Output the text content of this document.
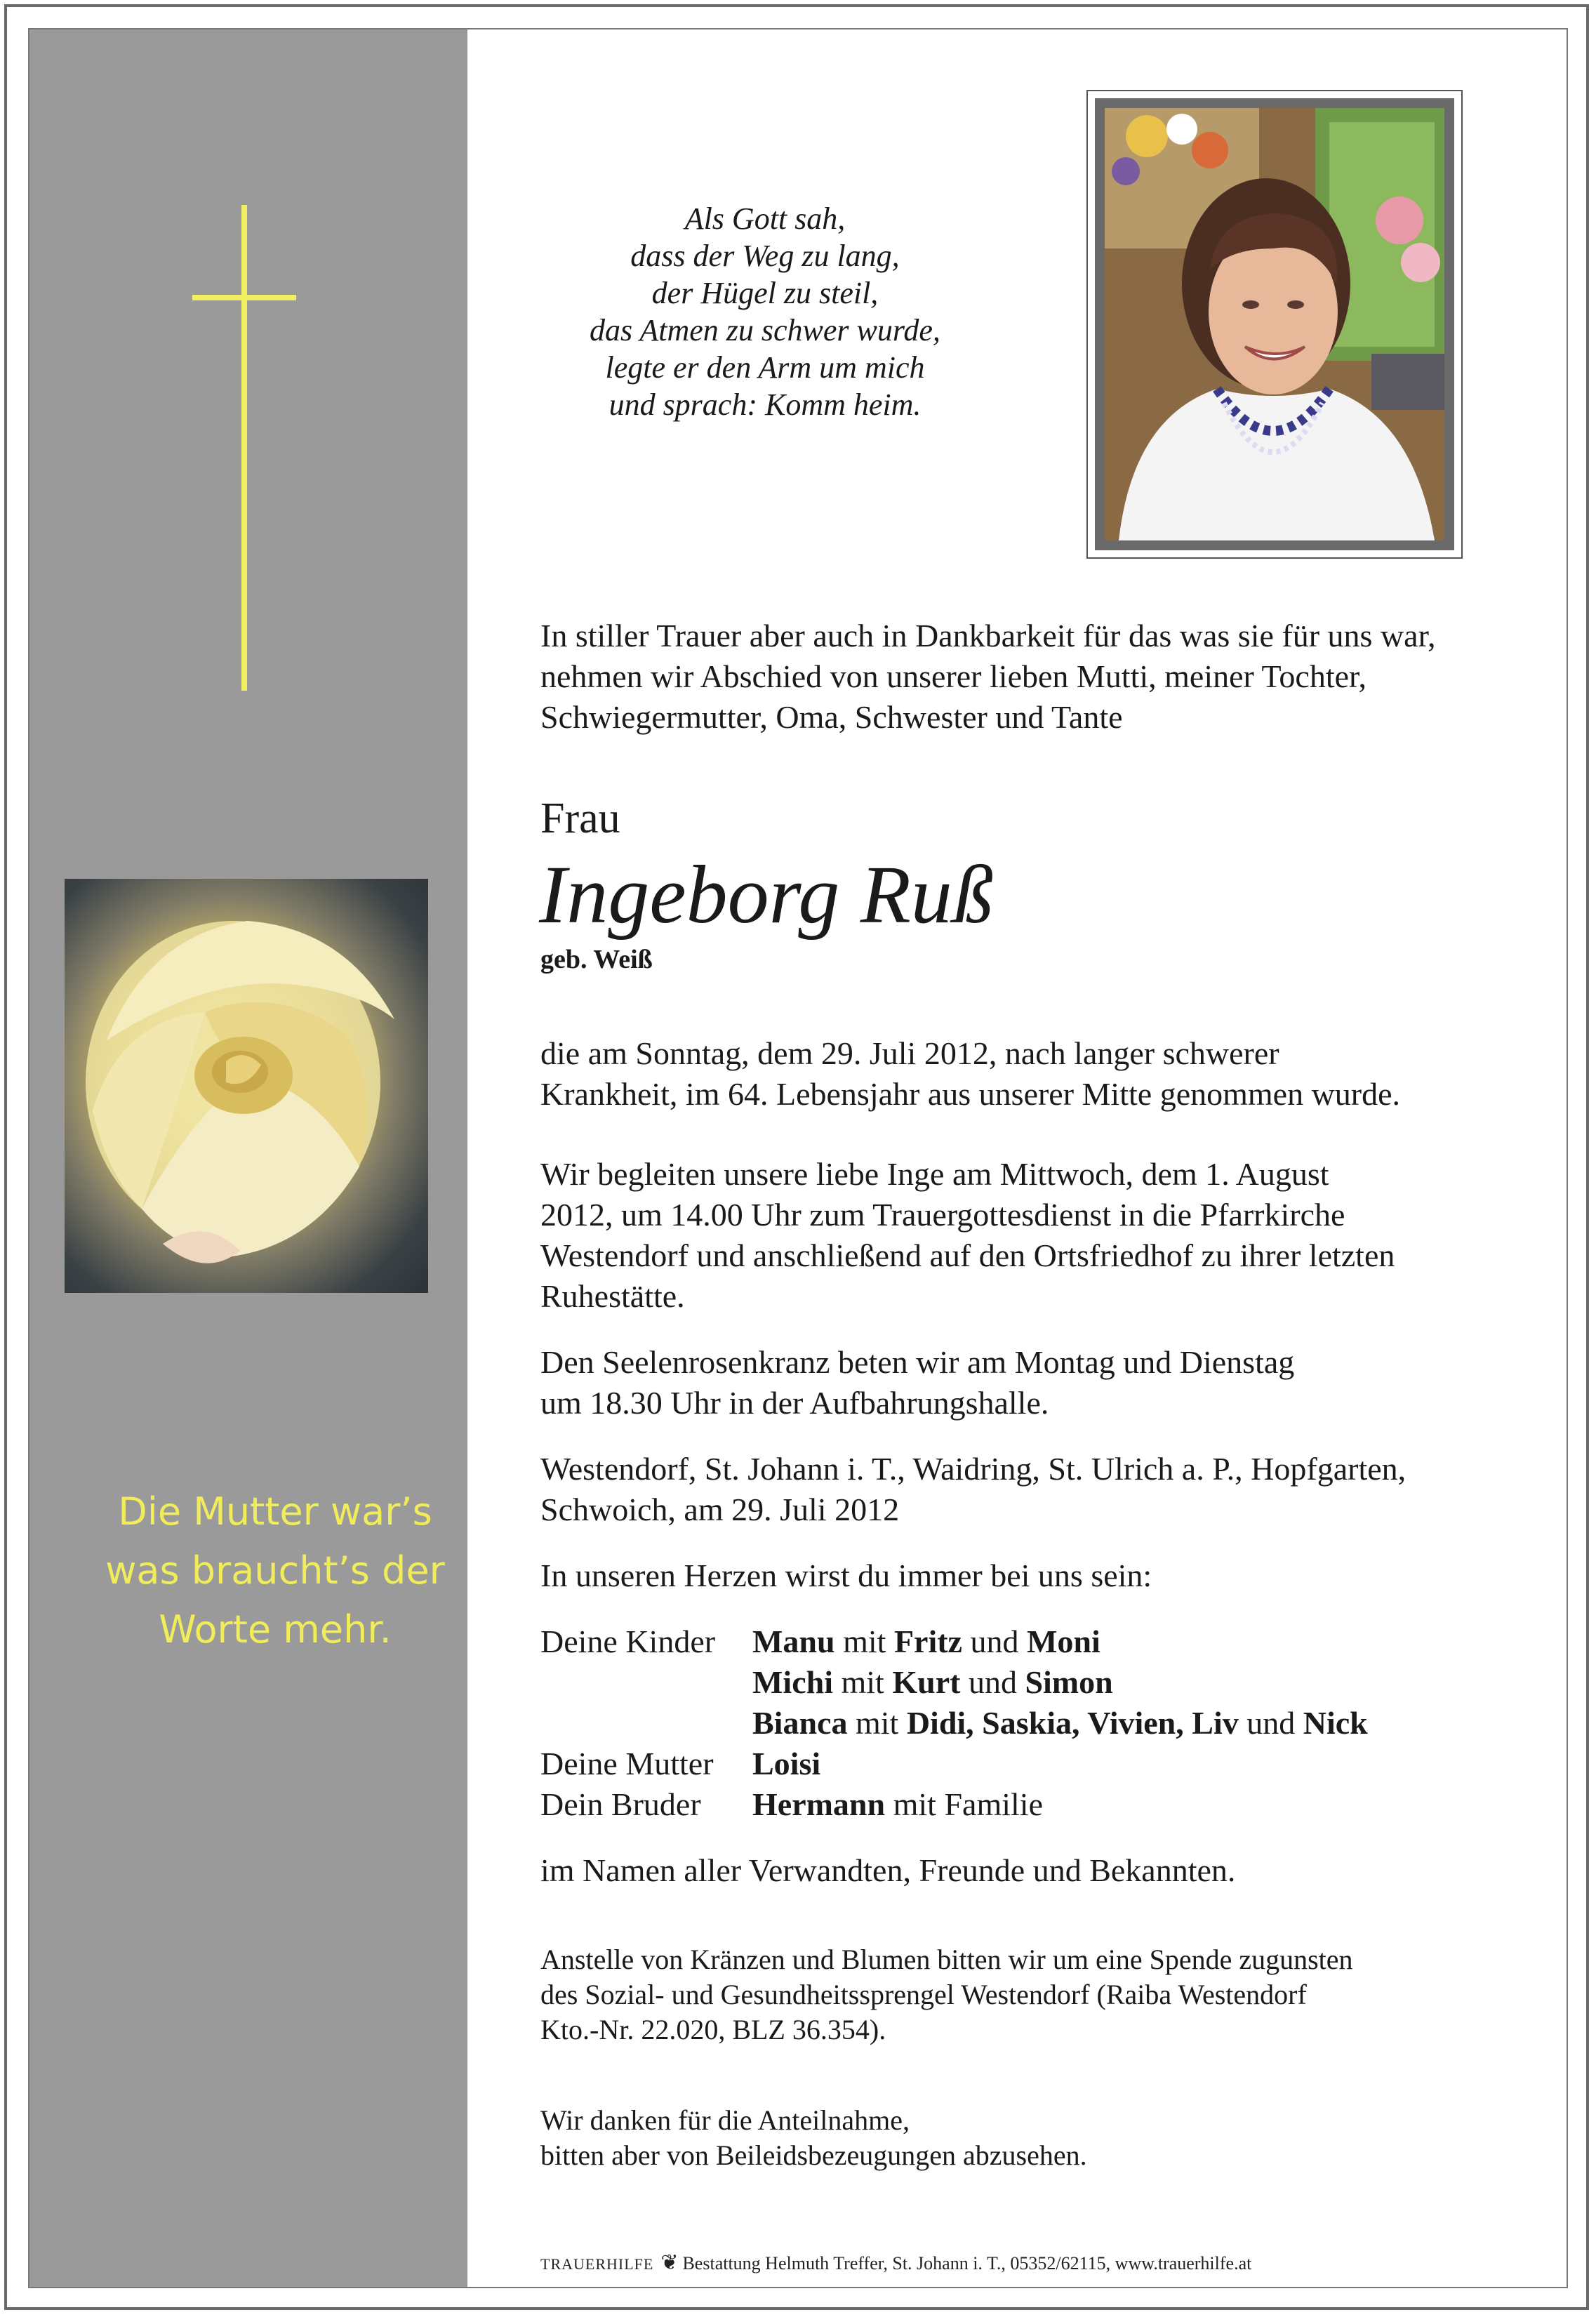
Die Mutter war’s
was braucht’s der
Worte mehr.
Als Gott sah,
dass der Weg zu lang,
der Hügel zu steil,
das Atmen zu schwer wurde,
legte er den Arm um mich
und sprach: Komm heim.
In stiller Trauer aber auch in Dankbarkeit für das was sie für uns war,
nehmen wir Abschied von unserer lieben Mutti, meiner Tochter,
Schwiegermutter, Oma, Schwester und Tante
Frau
Ingeborg Ruß
geb. Weiß
die am Sonntag, dem 29. Juli 2012, nach langer schwerer
Krankheit, im 64. Lebensjahr aus unserer Mitte genommen wurde.
Wir begleiten unsere liebe Inge am Mittwoch, dem 1. August
2012, um 14.00 Uhr zum Trauergottesdienst in die Pfarrkirche
Westendorf und anschließend auf den Ortsfriedhof zu ihrer letzten
Ruhestätte.
Den Seelenrosenkranz beten wir am Montag und Dienstag
um 18.30 Uhr in der Aufbahrungshalle.
Westendorf, St. Johann i. T., Waidring, St. Ulrich a. P., Hopfgarten,
Schwoich, am 29. Juli 2012
In unseren Herzen wirst du immer bei uns sein:
Deine Kinder Manu mit Fritz und Moni
Michi mit Kurt und Simon
Bianca mit Didi, Saskia, Vivien, Liv und Nick
Deine Mutter Loisi
Dein Bruder Hermann mit Familie
im Namen aller Verwandten, Freunde und Bekannten.
Anstelle von Kränzen und Blumen bitten wir um eine Spende zugunsten
des Sozial- und Gesundheitssprengel Westendorf (Raiba Westendorf
Kto.-Nr. 22.020, BLZ 36.354).
Wir danken für die Anteilnahme,
bitten aber von Beileidsbezeugungen abzusehen.
TRAUERHILFE ❦ Bestattung Helmuth Treffer, St. Johann i. T., 05352/62115, www.trauerhilfe.at
